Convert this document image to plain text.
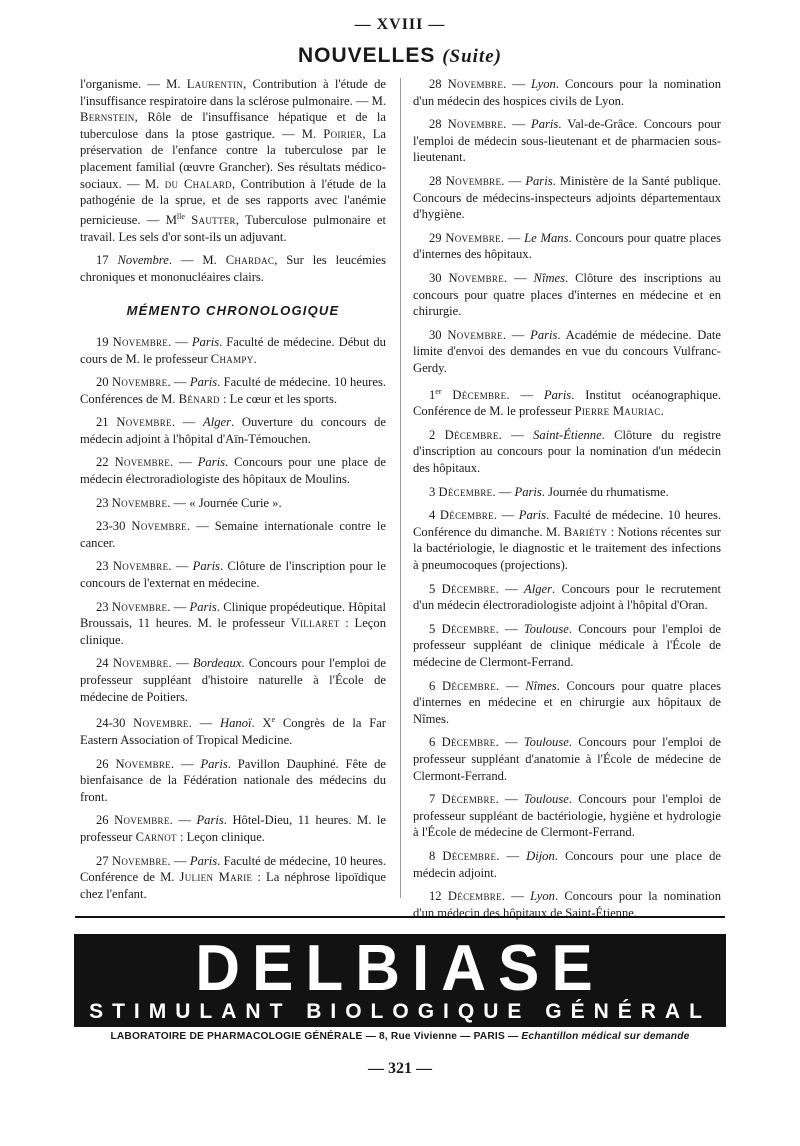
— XVIII —
NOUVELLES (Suite)

l'organisme. — M. Laurentin, Contribution à l'étude de l'insuffisance respiratoire dans la sclérose pulmonaire. — M. Bernstein, Rôle de l'insuffisance hépatique et de la tuberculose dans la ptose gastrique. — M. Poirier, La préservation de l'enfance contre la tuberculose par le placement familial (œuvre Grancher). Ses résultats médico-sociaux. — M. du Chalard, Contribution à l'étude de la pathogénie de la sprue, et de ses rapports avec l'anémie pernicieuse. — $M^{lle}$ Sautter, Tuberculose pulmonaire et travail. Les sels d'or sont-ils un adjuvant.

17 Novembre. — M. Chardac, Sur les leucémies chroniques et mononucléaires clairs.

MÉMENTO CHRONOLOGIQUE

19 Novembre. — Paris. Faculté de médecine. Début du cours de M. le professeur Champy.

20 Novembre. — Paris. Faculté de médecine. 10 heures. Conférences de M. Bénard : Le cœur et les sports.

21 Novembre. — Alger. Ouverture du concours de médecin adjoint à l'hôpital d'Aïn-Témouchen.

22 Novembre. — Paris. Concours pour une place de médecin électroradiologiste des hôpitaux de Moulins.

23 Novembre. — « Journée Curie ».

23-30 Novembre. — Semaine internationale contre le cancer.

23 Novembre. — Paris. Clôture de l'inscription pour le concours de l'externat en médecine.

23 Novembre. — Paris. Clinique propédeutique. Hôpital Broussais, 11 heures. M. le professeur Villaret : Leçon clinique.

24 Novembre. — Bordeaux. Concours pour l'emploi de professeur suppléant d'histoire naturelle à l'École de médecine de Poitiers.

24-30 Novembre. — Hanoï. Xe Congrès de la Far Eastern Association of Tropical Medicine.

26 Novembre. — Paris. Pavillon Dauphiné. Fête de bienfaisance de la Fédération nationale des médecins du front.

26 Novembre. — Paris. Hôtel-Dieu, 11 heures. M. le professeur Carnot : Leçon clinique.

27 Novembre. — Paris. Faculté de médecine, 10 heures. Conférence de M. Julien Marie : La néphrose lipoïdique chez l'enfant.

28 Novembre. — Lyon. Concours pour la nomination d'un médecin des hospices civils de Lyon.

28 Novembre. — Paris. Val-de-Grâce. Concours pour l'emploi de médecin sous-lieutenant et de pharmacien sous-lieutenant.

28 Novembre. — Paris. Ministère de la Santé publique. Concours de médecins-inspecteurs adjoints départementaux d'hygiène.

29 Novembre. — Le Mans. Concours pour quatre places d'internes des hôpitaux.

30 Novembre. — Nîmes. Clôture des inscriptions au concours pour quatre places d'internes en médecine et en chirurgie.

30 Novembre. — Paris. Académie de médecine. Date limite d'envoi des demandes en vue du concours Vulfranc-Gerdy.

1er Décembre. — Paris. Institut océanographique. Conférence de M. le professeur Pierre Mauriac.

2 Décembre. — Saint-Étienne. Clôture du registre d'inscription au concours pour la nomination d'un médecin des hôpitaux.

3 Décembre. — Paris. Journée du rhumatisme.

4 Décembre. — Paris. Faculté de médecine. 10 heures. Conférence du dimanche. M. Bariéty : Notions récentes sur la bactériologie, le diagnostic et le traitement des infections à pneumocoques (projections).

5 Décembre. — Alger. Concours pour le recrutement d'un médecin électroradiologiste adjoint à l'hôpital d'Oran.

5 Décembre. — Toulouse. Concours pour l'emploi de professeur suppléant de clinique médicale à l'École de médecine de Clermont-Ferrand.

6 Décembre. — Nîmes. Concours pour quatre places d'internes en médecine et en chirurgie aux hôpitaux de Nîmes.

6 Décembre. — Toulouse. Concours pour l'emploi de professeur suppléant d'anatomie à l'École de médecine de Clermont-Ferrand.

7 Décembre. — Toulouse. Concours pour l'emploi de professeur suppléant de bactériologie, hygiène et hydrologie à l'École de médecine de Clermont-Ferrand.

8 Décembre. — Dijon. Concours pour une place de médecin adjoint.

12 Décembre. — Lyon. Concours pour la nomination d'un médecin des hôpitaux de Saint-Étienne.

DELBIASE
STIMULANT BIOLOGIQUE GÉNÉRAL
LABORATOIRE DE PHARMACOLOGIE GÉNÉRALE — 8, Rue Vivienne — PARIS — Echantillon médical sur demande
— 321 —
